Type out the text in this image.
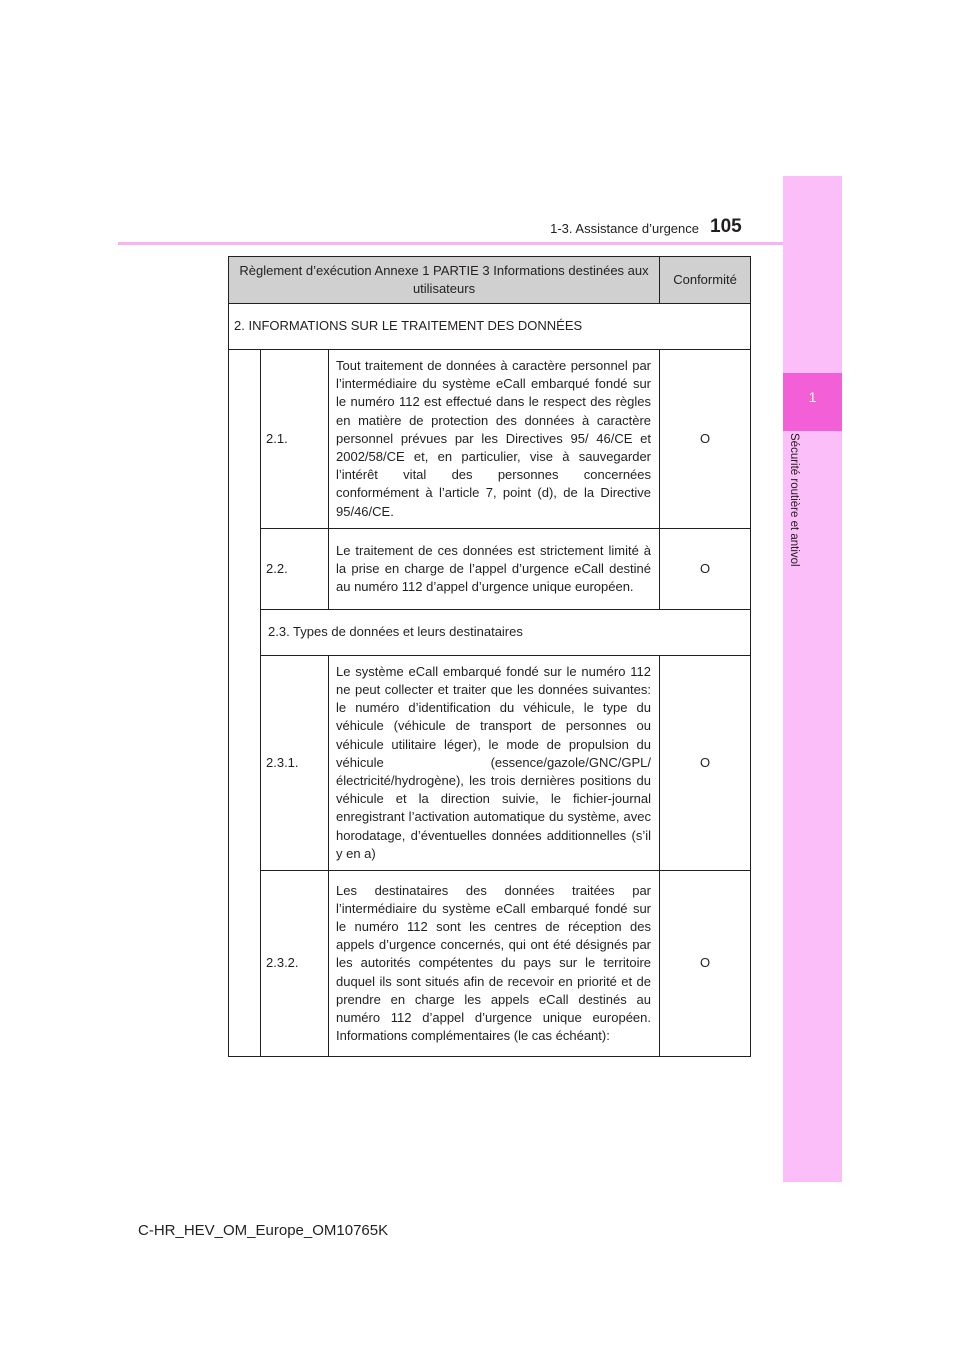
1
Sécurité routière et antivol
1-3. Assistance d’urgence 105
Règlement d’exécution Annexe 1 PARTIE 3 Informations destinées aux utilisateurs			Conformité
2. INFORMATIONS SUR LE TRAITEMENT DES DONNÉES			
	2.1.	Tout traitement de données à caractère personnel par l’intermédiaire du système eCall embarqué fondé sur le numéro 112 est effectué dans le respect des règles en matière de protection des données à caractère personnel prévues par les Directives 95/ 46/CE et 2002/58/CE et, en particulier, vise à sauvegarder l’intérêt vital des personnes concernées conformément à l’article 7, point (d), de la Directive 95/46/CE.	O
	2.2.	Le traitement de ces données est strictement limité à la prise en charge de l’appel d’urgence eCall destiné au numéro 112 d’appel d’urgence unique européen.	O
	2.3. Types de données et leurs destinataires		
	2.3.1.	Le système eCall embarqué fondé sur le numéro 112 ne peut collecter et traiter que les données suivantes: le numéro d’identification du véhicule, le type du véhicule (véhicule de transport de personnes ou véhicule utilitaire léger), le mode de propulsion du véhicule (essence/gazole/GNC/GPL/ électricité/hydrogène), les trois dernières positions du véhicule et la direction suivie, le fichier-journal enregistrant l’activation automatique du système, avec horodatage, d’éventuelles données additionnelles (s’il y en a)	O
	2.3.2.	Les destinataires des données traitées par l’intermédiaire du système eCall embarqué fondé sur le numéro 112 sont les centres de réception des appels d’urgence concernés, qui ont été désignés par les autorités compétentes du pays sur le territoire duquel ils sont situés afin de recevoir en priorité et de prendre en charge les appels eCall destinés au numéro 112 d’appel d’urgence unique européen. Informations complémentaires (le cas échéant):	O
C-HR_HEV_OM_Europe_OM10765K
